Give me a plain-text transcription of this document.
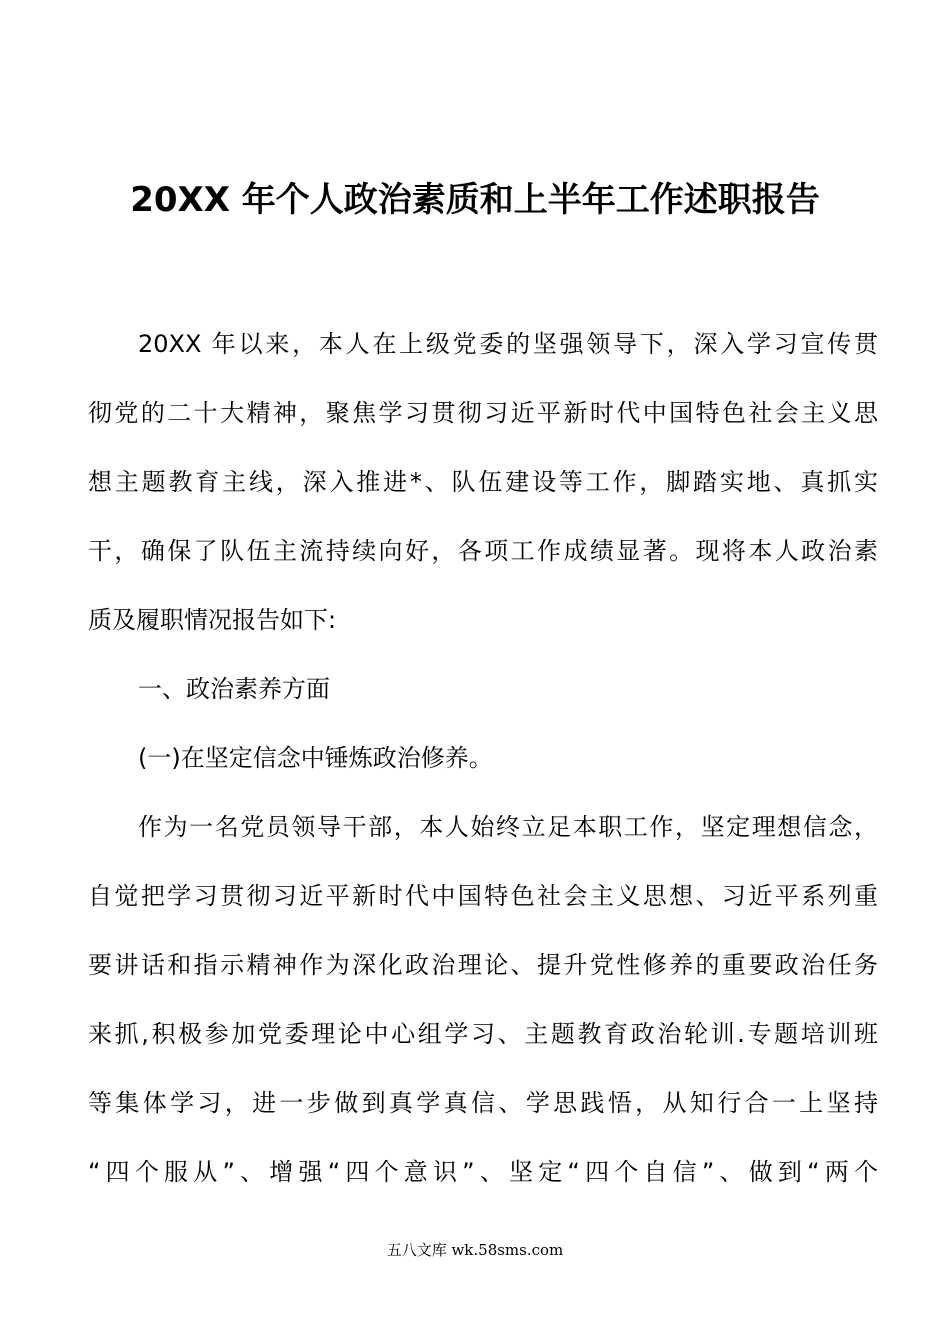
20XX 年个人政治素质和上半年工作述职报告
20XX 年以来，本人在上级党委的坚强领导下，深入学习宣传贯
彻党的二十大精神，聚焦学习贯彻习近平新时代中国特色社会主义思
想主题教育主线，深入推进*、队伍建设等工作，脚踏实地、真抓实
干，确保了队伍主流持续向好，各项工作成绩显著。现将本人政治素
质及履职情况报告如下:
一、政治素养方面
(一)在坚定信念中锤炼政治修养。
作为一名党员领导干部，本人始终立足本职工作，坚定理想信念，
自觉把学习贯彻习近平新时代中国特色社会主义思想、习近平系列重
要讲话和指示精神作为深化政治理论、提升党性修养的重要政治任务
来抓,积极参加党委理论中心组学习、主题教育政治轮训.专题培训班
等集体学习，进一步做到真学真信、学思践悟，从知行合一上坚持
“四个服从”、增强“四个意识”、坚定“四个自信”、做到“两个
五八文库 wk.58sms.com
